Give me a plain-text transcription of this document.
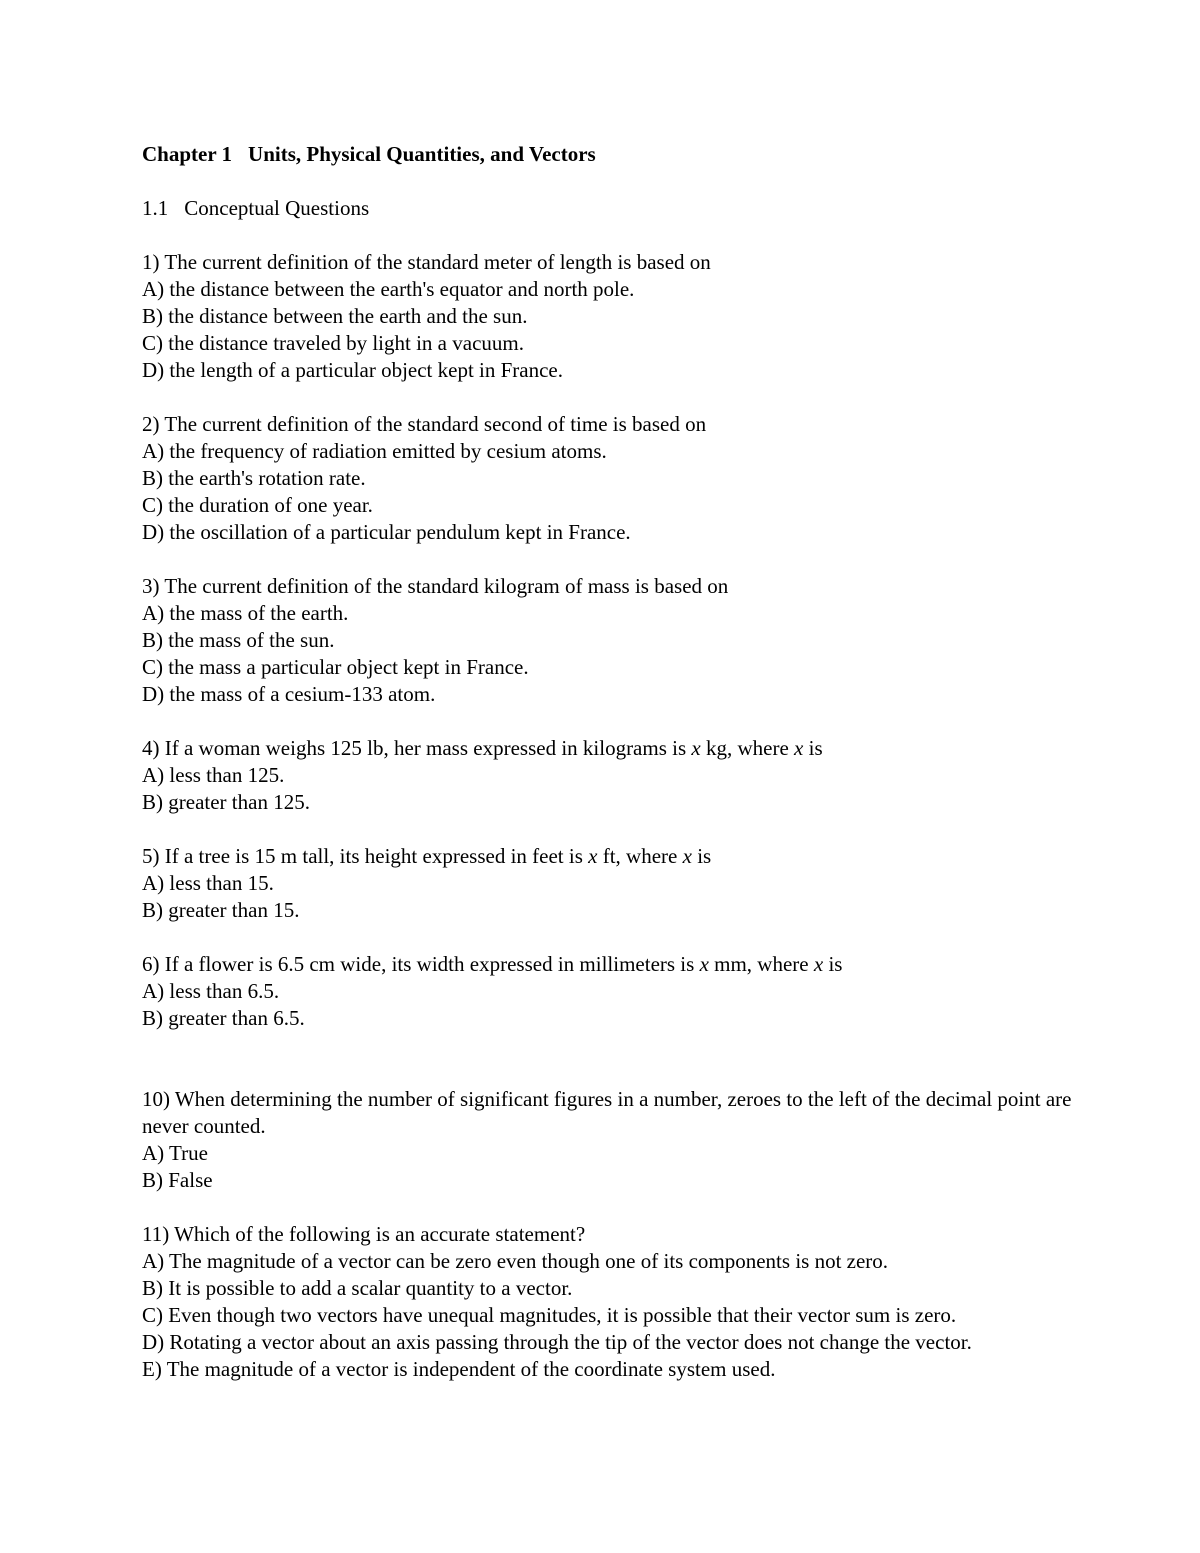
Chapter 1 Units, Physical Quantities, and Vectors

1.1 Conceptual Questions

1) The current definition of the standard meter of length is based on
A) the distance between the earth's equator and north pole.
B) the distance between the earth and the sun.
C) the distance traveled by light in a vacuum.
D) the length of a particular object kept in France.
2) The current definition of the standard second of time is based on
A) the frequency of radiation emitted by cesium atoms.
B) the earth's rotation rate.
C) the duration of one year.
D) the oscillation of a particular pendulum kept in France.
3) The current definition of the standard kilogram of mass is based on
A) the mass of the earth.
B) the mass of the sun.
C) the mass a particular object kept in France.
D) the mass of a cesium-133 atom.
4) If a woman weighs 125 lb, her mass expressed in kilograms is x kg, where x is
A) less than 125.
B) greater than 125.
5) If a tree is 15 m tall, its height expressed in feet is x ft, where x is
A) less than 15.
B) greater than 15.
6) If a flower is 6.5 cm wide, its width expressed in millimeters is x mm, where x is
A) less than 6.5.
B) greater than 6.5.
10) When determining the number of significant figures in a number, zeroes to the left of the decimal point are never counted.
A) True
B) False
11) Which of the following is an accurate statement?
A) The magnitude of a vector can be zero even though one of its components is not zero.
B) It is possible to add a scalar quantity to a vector.
C) Even though two vectors have unequal magnitudes, it is possible that their vector sum is zero.
D) Rotating a vector about an axis passing through the tip of the vector does not change the vector.
E) The magnitude of a vector is independent of the coordinate system used.
